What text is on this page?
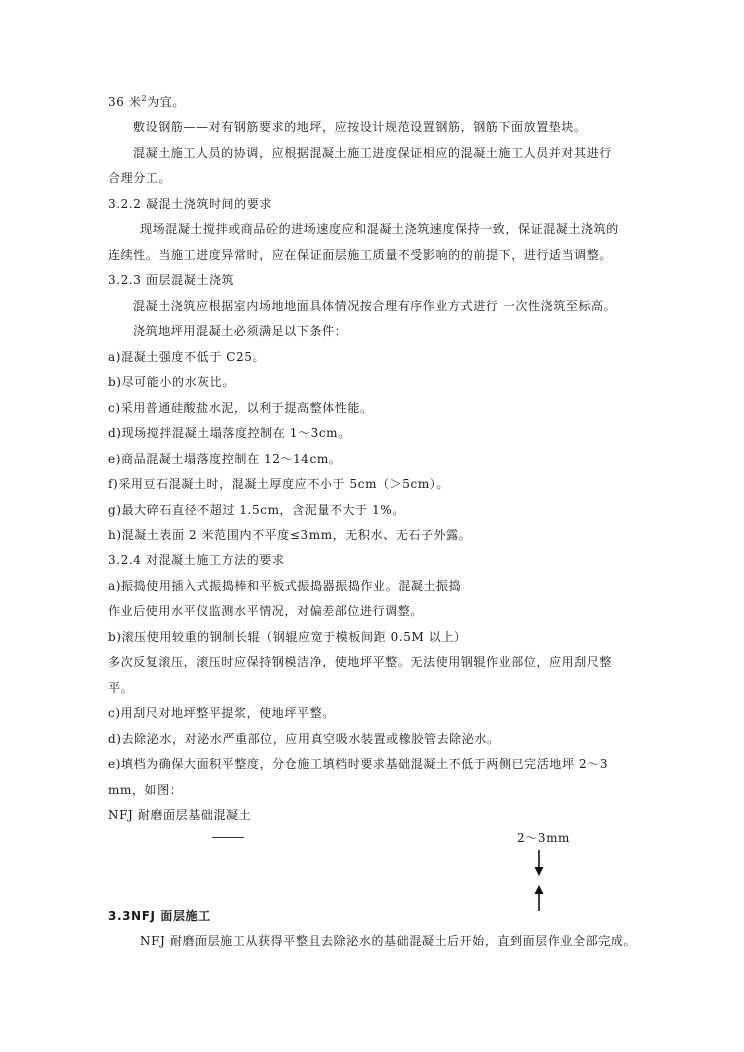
36 米$^2$为宜。
敷设钢筋——对有钢筋要求的地坪，应按设计规范设置钢筋，钢筋下面放置垫块。
混凝土施工人员的协调，应根据混凝土施工进度保证相应的混凝土施工人员并对其进行
合理分工。
3.2.2 凝混土浇筑时间的要求
现场混凝土搅拌或商品砼的进场速度应和混凝土浇筑速度保持一致，保证混凝土浇筑的
连续性。当施工进度异常时，应在保证面层施工质量不受影响的的前提下，进行适当调整。
3.2.3 面层混凝土浇筑
混凝土浇筑应根据室内场地地面具体情况按合理有序作业方式进行 一次性浇筑至标高。
浇筑地坪用混凝土必须满足以下条件：
a)混凝土强度不低于 C25。
b)尽可能小的水灰比。
c)采用普通硅酸盐水泥，以利于提高整体性能。
d)现场搅拌混凝土塌落度控制在 1～3cm。
e)商品混凝土塌落度控制在 12～14cm。
f)采用豆石混凝土时，混凝土厚度应不小于 5cm（＞5cm）。
g)最大碎石直径不超过 1.5cm，含泥量不大于 1%。
h)混凝土表面 2 米范围内不平度≤3mm，无积水、无石子外露。
3.2.4 对混凝土施工方法的要求
a)振捣使用插入式振捣棒和平板式振捣器振捣作业。混凝土振捣
作业后使用水平仪监测水平情况，对偏差部位进行调整。
b)滚压使用较重的钢制长辊（钢辊应宽于模板间距 0.5M 以上）
多次反复滚压，滚压时应保持钢模洁净，使地坪平整。无法使用钢辊作业部位，应用刮尺整
平。
c)用刮尺对地坪整平提浆，使地坪平整。
d)去除泌水，对泌水严重部位，应用真空吸水装置或橡胶管去除泌水。
e)填档为确保大面积平整度，分仓施工填档时要求基础混凝土不低于两侧已完活地坪 2～3
mm，如图：
NFJ 耐磨面层基础混凝土
2～3mm
3.3NFJ 面层施工
NFJ 耐磨面层施工从获得平整且去除泌水的基础混凝土后开始，直到面层作业全部完成。
